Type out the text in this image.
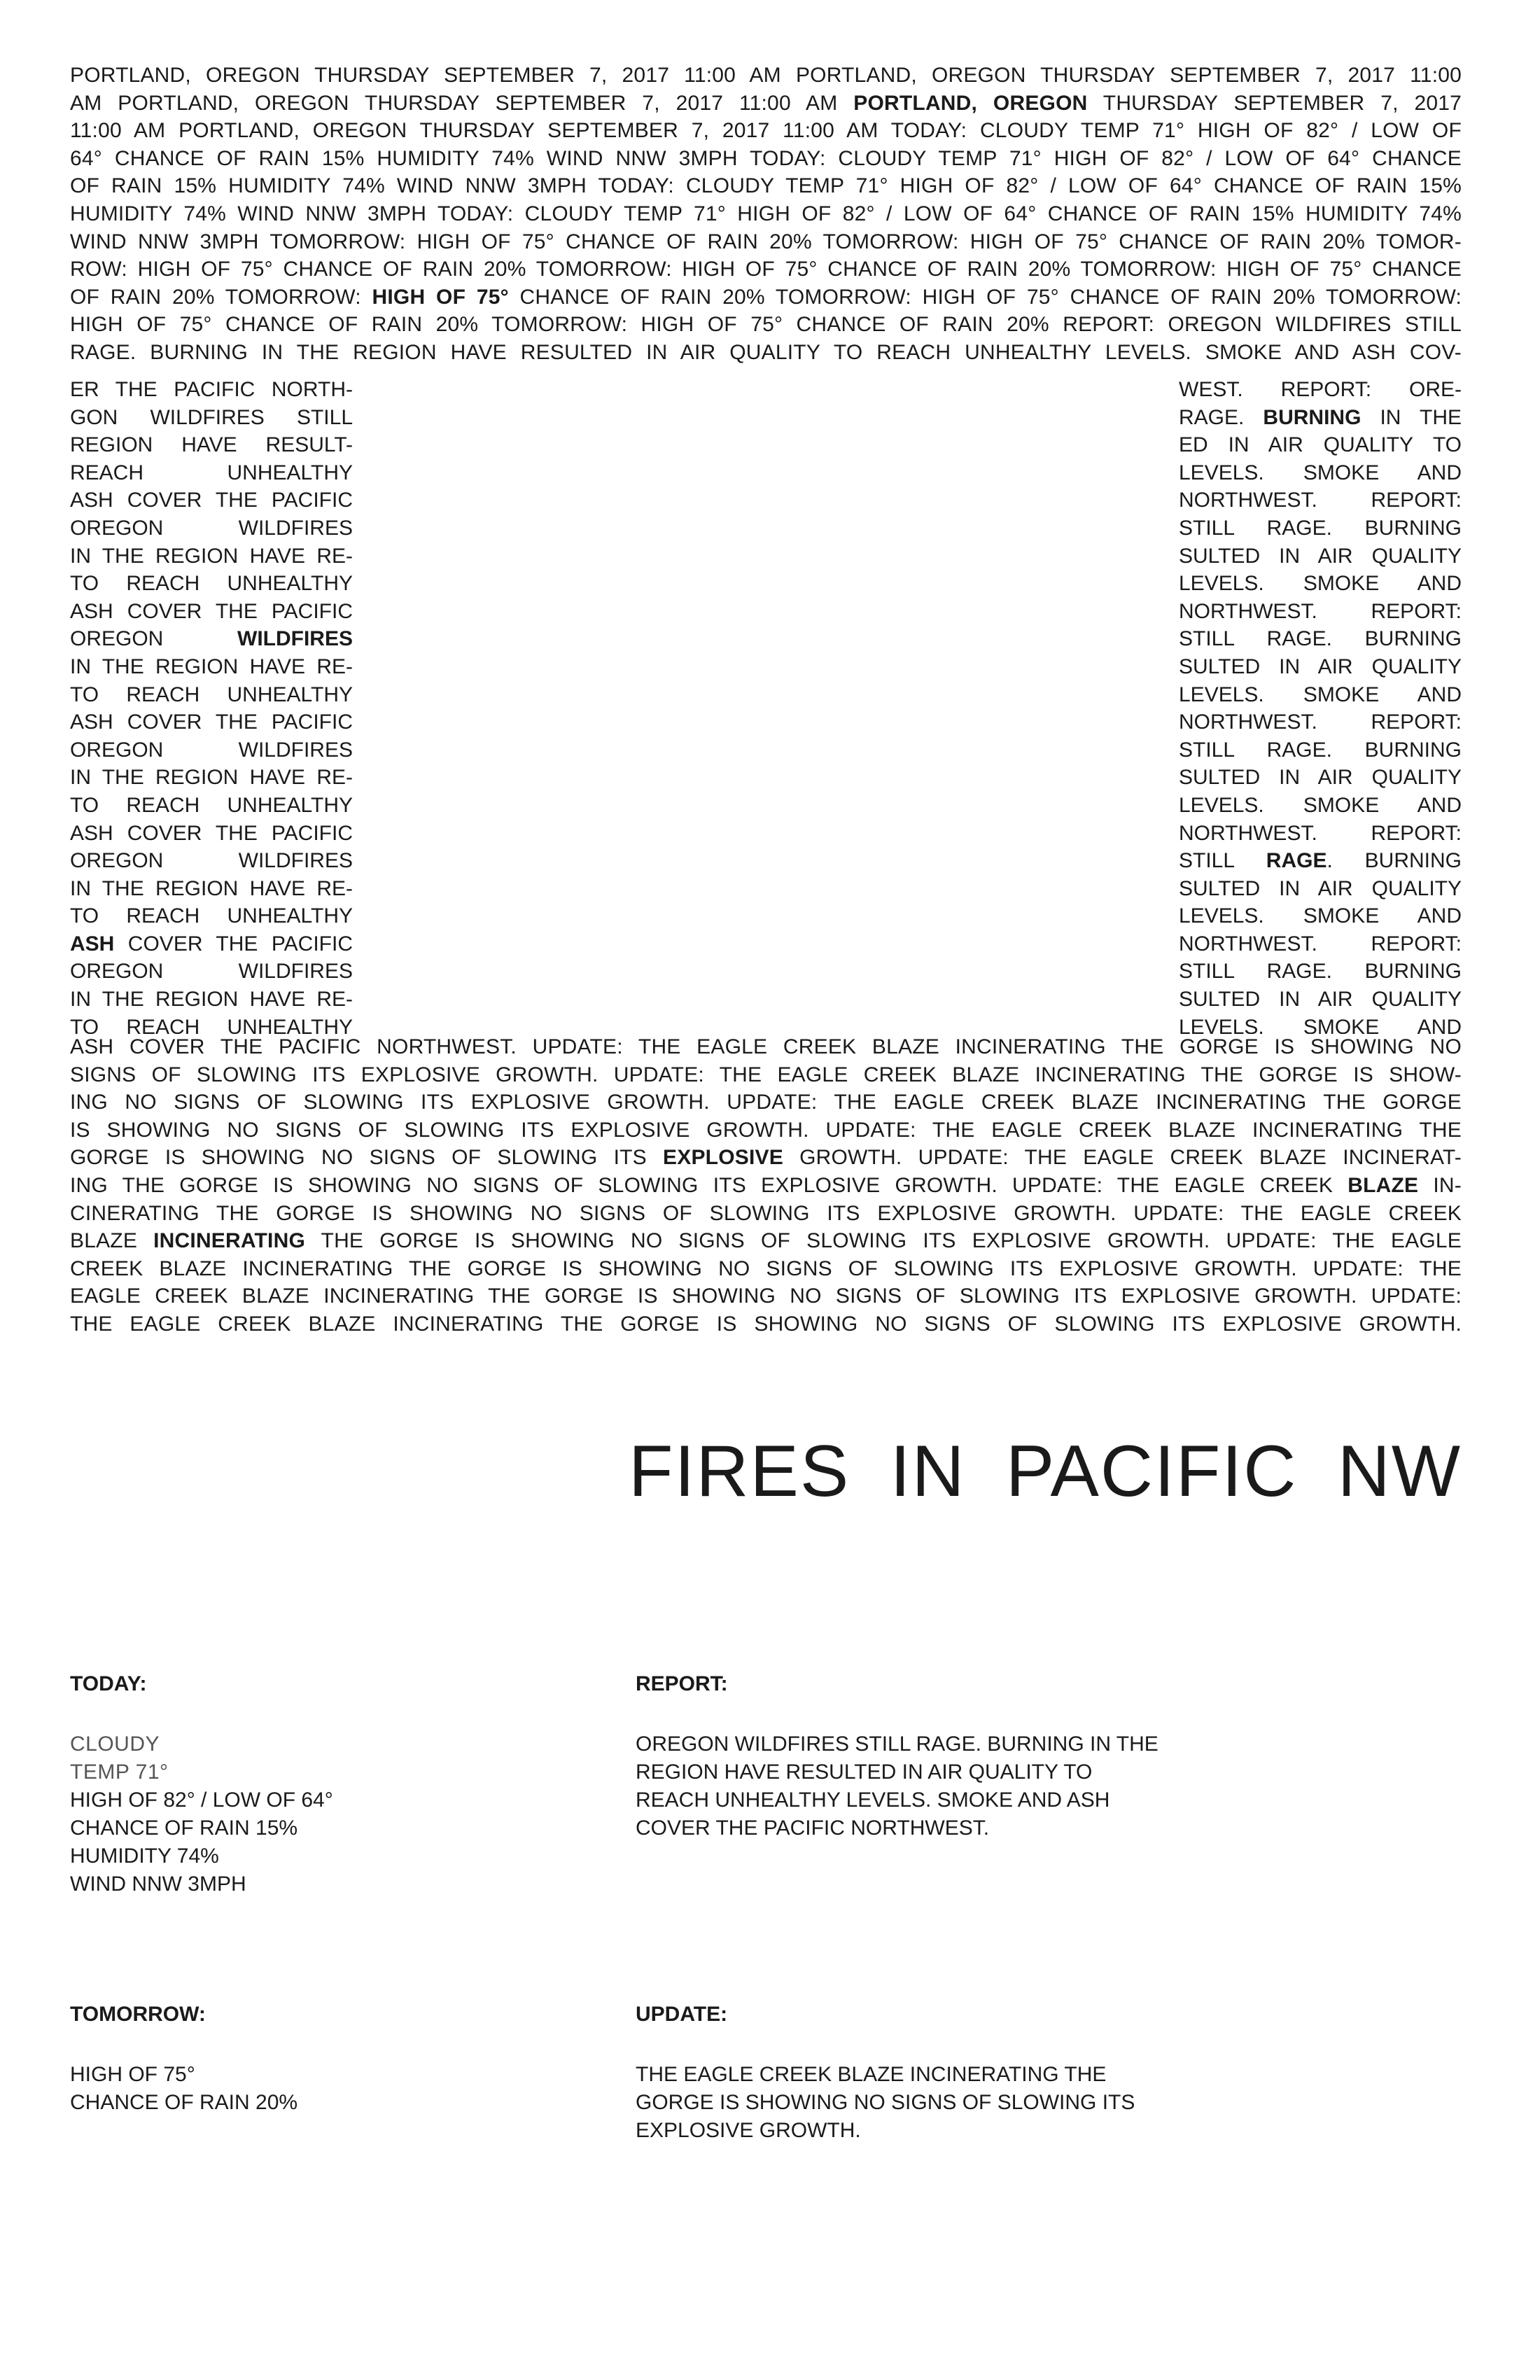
PORTLAND, OREGON THURSDAY SEPTEMBER 7, 2017 11:00 AM PORTLAND, OREGON THURSDAY SEPTEMBER 7, 2017 11:00
AM PORTLAND, OREGON THURSDAY SEPTEMBER 7, 2017 11:00 AM PORTLAND, OREGON THURSDAY SEPTEMBER 7, 2017
11:00 AM PORTLAND, OREGON THURSDAY SEPTEMBER 7, 2017 11:00 AM TODAY: CLOUDY TEMP 71° HIGH OF 82° / LOW OF
64° CHANCE OF RAIN 15% HUMIDITY 74% WIND NNW 3MPH TODAY: CLOUDY TEMP 71° HIGH OF 82° / LOW OF 64° CHANCE
OF RAIN 15% HUMIDITY 74% WIND NNW 3MPH TODAY: CLOUDY TEMP 71° HIGH OF 82° / LOW OF 64° CHANCE OF RAIN 15%
HUMIDITY 74% WIND NNW 3MPH TODAY: CLOUDY TEMP 71° HIGH OF 82° / LOW OF 64° CHANCE OF RAIN 15% HUMIDITY 74%
WIND NNW 3MPH TOMORROW: HIGH OF 75° CHANCE OF RAIN 20% TOMORROW: HIGH OF 75° CHANCE OF RAIN 20% TOMOR-
ROW: HIGH OF 75° CHANCE OF RAIN 20% TOMORROW: HIGH OF 75° CHANCE OF RAIN 20% TOMORROW: HIGH OF 75° CHANCE
OF RAIN 20% TOMORROW: HIGH OF 75° CHANCE OF RAIN 20% TOMORROW: HIGH OF 75° CHANCE OF RAIN 20% TOMORROW:
HIGH OF 75° CHANCE OF RAIN 20% TOMORROW: HIGH OF 75° CHANCE OF RAIN 20% REPORT: OREGON WILDFIRES STILL
RAGE. BURNING IN THE REGION HAVE RESULTED IN AIR QUALITY TO REACH UNHEALTHY LEVELS. SMOKE AND ASH COV-
ER THE PACIFIC NORTH-
GON WILDFIRES STILL
REGION HAVE RESULT-
REACH UNHEALTHY
ASH COVER THE PACIFIC
OREGON WILDFIRES
IN THE REGION HAVE RE-
TO REACH UNHEALTHY
ASH COVER THE PACIFIC
OREGON WILDFIRES
IN THE REGION HAVE RE-
TO REACH UNHEALTHY
ASH COVER THE PACIFIC
OREGON WILDFIRES
IN THE REGION HAVE RE-
TO REACH UNHEALTHY
ASH COVER THE PACIFIC
OREGON WILDFIRES
IN THE REGION HAVE RE-
TO REACH UNHEALTHY
ASH COVER THE PACIFIC
OREGON WILDFIRES
IN THE REGION HAVE RE-
TO REACH UNHEALTHY
WEST. REPORT: ORE-
RAGE. BURNING IN THE
ED IN AIR QUALITY TO
LEVELS. SMOKE AND
NORTHWEST. REPORT:
STILL RAGE. BURNING
SULTED IN AIR QUALITY
LEVELS. SMOKE AND
NORTHWEST. REPORT:
STILL RAGE. BURNING
SULTED IN AIR QUALITY
LEVELS. SMOKE AND
NORTHWEST. REPORT:
STILL RAGE. BURNING
SULTED IN AIR QUALITY
LEVELS. SMOKE AND
NORTHWEST. REPORT:
STILL RAGE. BURNING
SULTED IN AIR QUALITY
LEVELS. SMOKE AND
NORTHWEST. REPORT:
STILL RAGE. BURNING
SULTED IN AIR QUALITY
LEVELS. SMOKE AND
ASH COVER THE PACIFIC NORTHWEST. UPDATE: THE EAGLE CREEK BLAZE INCINERATING THE GORGE IS SHOWING NO
SIGNS OF SLOWING ITS EXPLOSIVE GROWTH. UPDATE: THE EAGLE CREEK BLAZE INCINERATING THE GORGE IS SHOW-
ING NO SIGNS OF SLOWING ITS EXPLOSIVE GROWTH. UPDATE: THE EAGLE CREEK BLAZE INCINERATING THE GORGE
IS SHOWING NO SIGNS OF SLOWING ITS EXPLOSIVE GROWTH. UPDATE: THE EAGLE CREEK BLAZE INCINERATING THE
GORGE IS SHOWING NO SIGNS OF SLOWING ITS EXPLOSIVE GROWTH. UPDATE: THE EAGLE CREEK BLAZE INCINERAT-
ING THE GORGE IS SHOWING NO SIGNS OF SLOWING ITS EXPLOSIVE GROWTH. UPDATE: THE EAGLE CREEK BLAZE IN-
CINERATING THE GORGE IS SHOWING NO SIGNS OF SLOWING ITS EXPLOSIVE GROWTH. UPDATE: THE EAGLE CREEK
BLAZE INCINERATING THE GORGE IS SHOWING NO SIGNS OF SLOWING ITS EXPLOSIVE GROWTH. UPDATE: THE EAGLE
CREEK BLAZE INCINERATING THE GORGE IS SHOWING NO SIGNS OF SLOWING ITS EXPLOSIVE GROWTH. UPDATE: THE
EAGLE CREEK BLAZE INCINERATING THE GORGE IS SHOWING NO SIGNS OF SLOWING ITS EXPLOSIVE GROWTH. UPDATE:
THE EAGLE CREEK BLAZE INCINERATING THE GORGE IS SHOWING NO SIGNS OF SLOWING ITS EXPLOSIVE GROWTH.
FIRES IN PACIFIC NW
TODAY:
CLOUDY
TEMP 71°
HIGH OF 82° / LOW OF 64°
CHANCE OF RAIN 15%
HUMIDITY 74%
WIND NNW 3MPH
REPORT:

OREGON WILDFIRES STILL RAGE. BURNING IN THE REGION HAVE RESULTED IN AIR QUALITY TO REACH UNHEALTHY LEVELS. SMOKE AND ASH COVER THE PACIFIC NORTHWEST.

TOMORROW:
HIGH OF 75°
CHANCE OF RAIN 20%
UPDATE:

THE EAGLE CREEK BLAZE INCINERATING THE GORGE IS SHOWING NO SIGNS OF SLOWING ITS EXPLOSIVE GROWTH.
